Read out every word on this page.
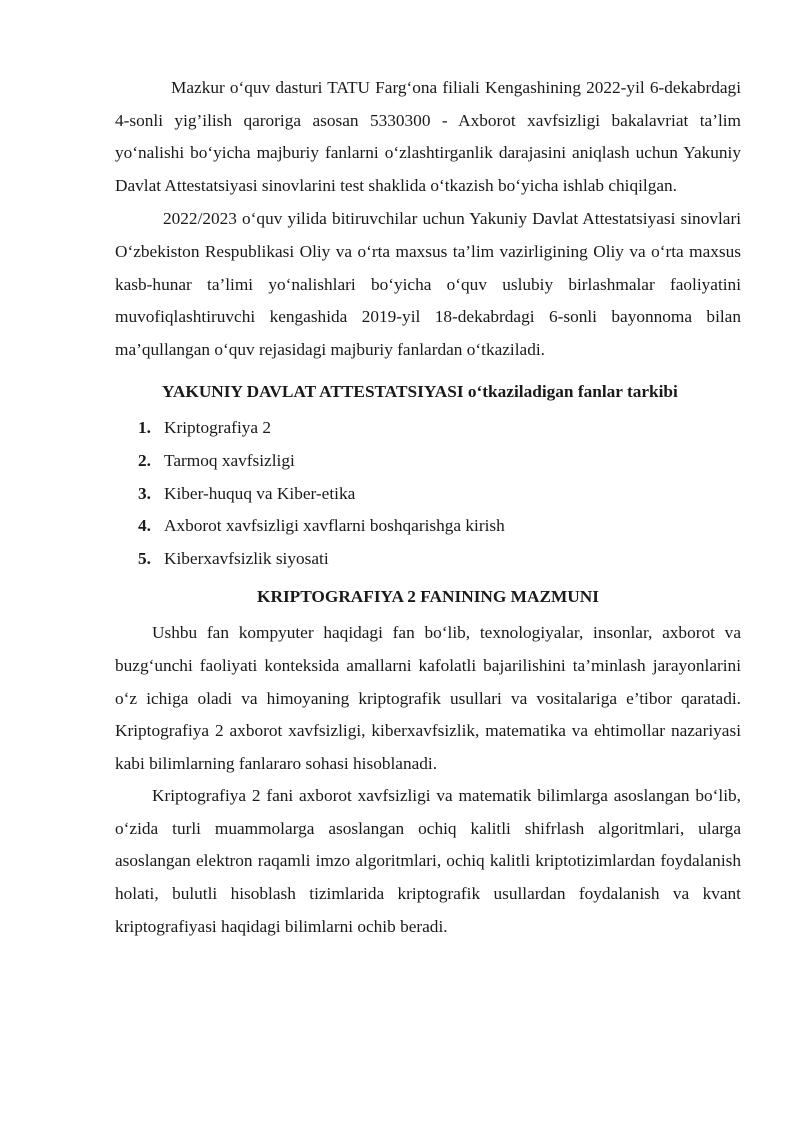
Mazkur o‘quv dasturi TATU Farg‘ona filiali Kengashining 2022-yil 6-dekabrdagi 4-sonli yig’ilish qaroriga asosan 5330300 - Axborot xavfsizligi bakalavriat ta’lim yo‘nalishi bo‘yicha majburiy fanlarni o‘zlashtirganlik darajasini aniqlash uchun Yakuniy Davlat Attestatsiyasi sinovlarini test shaklida o‘tkazish bo‘yicha ishlab chiqilgan.

2022/2023 o‘quv yilida bitiruvchilar uchun Yakuniy Davlat Attestatsiyasi sinovlari O‘zbekiston Respublikasi Oliy va o‘rta maxsus ta’lim vazirligining Oliy va o‘rta maxsus kasb-hunar ta’limi yo‘nalishlari bo‘yicha o‘quv uslubiy birlashmalar faoliyatini muvofiqlashtiruvchi kengashida 2019-yil 18-dekabrdagi 6-sonli bayonnoma bilan ma’qullangan o‘quv rejasidagi majburiy fanlardan o‘tkaziladi.

YAKUNIY DAVLAT ATTESTATSIYASI o‘tkaziladigan fanlar tarkibi
1. Kriptografiya 2
2. Tarmoq xavfsizligi
3. Kiber-huquq va Kiber-etika
4. Axborot xavfsizligi xavflarni boshqarishga kirish
5. Kiberxavfsizlik siyosati
KRIPTOGRAFIYA 2 FANINING MAZMUNI

Ushbu fan kompyuter haqidagi fan bo‘lib, texnologiyalar, insonlar, axborot va buzg‘unchi faoliyati konteksida amallarni kafolatli bajarilishini ta’minlash jarayonlarini o‘z ichiga oladi va himoyaning kriptografik usullari va vositalariga e’tibor qaratadi. Kriptografiya 2 axborot xavfsizligi, kiberxavfsizlik, matematika va ehtimollar nazariyasi kabi bilimlarning fanlararo sohasi hisoblanadi.

Kriptografiya 2 fani axborot xavfsizligi va matematik bilimlarga asoslangan bo‘lib, o‘zida turli muammolarga asoslangan ochiq kalitli shifrlash algoritmlari, ularga asoslangan elektron raqamli imzo algoritmlari, ochiq kalitli kriptotizimlardan foydalanish holati, bulutli hisoblash tizimlarida kriptografik usullardan foydalanish va kvant kriptografiyasi haqidagi bilimlarni ochib beradi.
